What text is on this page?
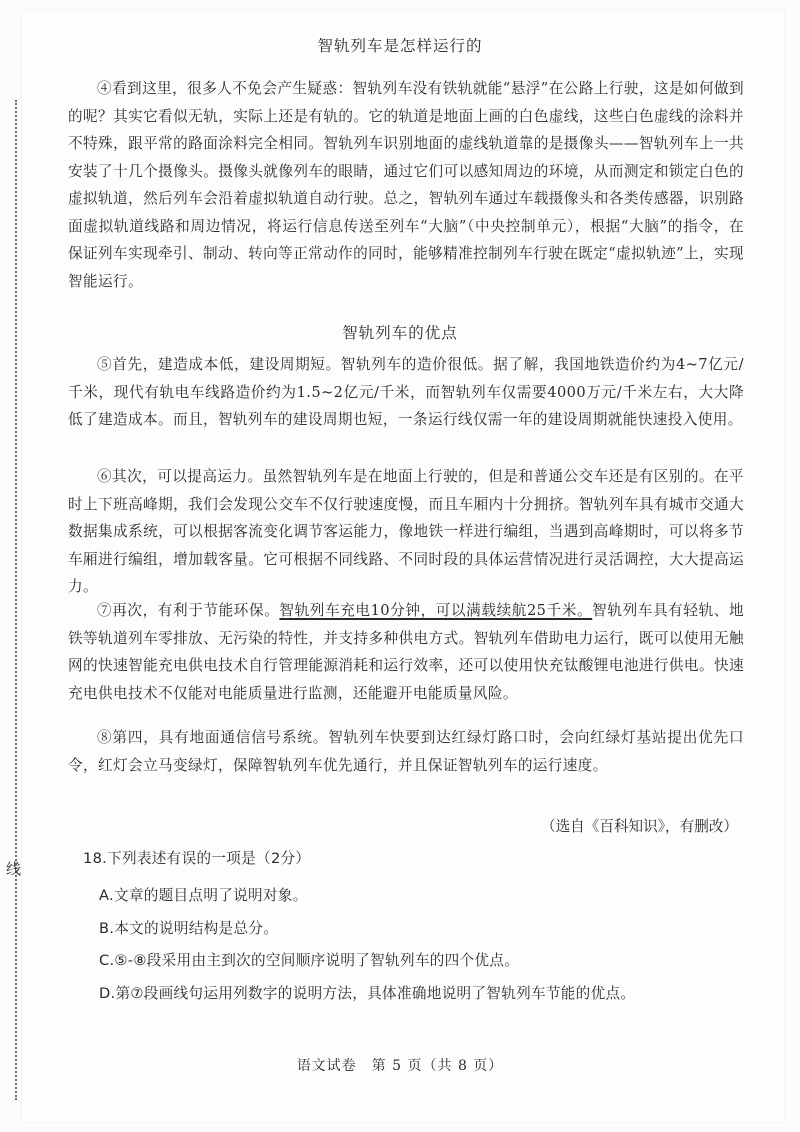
线
智轨列车是怎样运行的
④看到这里，很多人不免会产生疑惑：智轨列车没有铁轨就能“悬浮”在公路上行驶，这是如何做到的呢？其实它看似无轨，实际上还是有轨的。它的轨道是地面上画的白色虚线，这些白色虚线的涂料并不特殊，跟平常的路面涂料完全相同。智轨列车识别地面的虚线轨道靠的是摄像头——智轨列车上一共安装了十几个摄像头。摄像头就像列车的眼睛，通过它们可以感知周边的环境，从而测定和锁定白色的虚拟轨道，然后列车会沿着虚拟轨道自动行驶。总之，智轨列车通过车载摄像头和各类传感器，识别路面虚拟轨道线路和周边情况，将运行信息传送至列车“大脑”（中央控制单元），根据“大脑”的指令，在保证列车实现牵引、制动、转向等正常动作的同时，能够精准控制列车行驶在既定“虚拟轨迹”上，实现智能运行。
智轨列车的优点
⑤首先，建造成本低，建设周期短。智轨列车的造价很低。据了解，我国地铁造价约为4~7亿元/千米，现代有轨电车线路造价约为1.5~2亿元/千米，而智轨列车仅需要4000万元/千米左右，大大降低了建造成本。而且，智轨列车的建设周期也短，一条运行线仅需一年的建设周期就能快速投入使用。
⑥其次，可以提高运力。虽然智轨列车是在地面上行驶的，但是和普通公交车还是有区别的。在平时上下班高峰期，我们会发现公交车不仅行驶速度慢，而且车厢内十分拥挤。智轨列车具有城市交通大数据集成系统，可以根据客流变化调节客运能力，像地铁一样进行编组，当遇到高峰期时，可以将多节车厢进行编组，增加载客量。它可根据不同线路、不同时段的具体运营情况进行灵活调控，大大提高运力。
⑦再次，有利于节能环保。智轨列车充电10分钟，可以满载续航25千米。智轨列车具有轻轨、地铁等轨道列车零排放、无污染的特性，并支持多种供电方式。智轨列车借助电力运行，既可以使用无触网的快速智能充电供电技术自行管理能源消耗和运行效率，还可以使用快充钛酸锂电池进行供电。快速充电供电技术不仅能对电能质量进行监测，还能避开电能质量风险。
⑧第四，具有地面通信信号系统。智轨列车快要到达红绿灯路口时，会向红绿灯基站提出优先口令，红灯会立马变绿灯，保障智轨列车优先通行，并且保证智轨列车的运行速度。
（选自《百科知识》，有删改）
18.下列表述有误的一项是（2分）
A.文章的题目点明了说明对象。
B.本文的说明结构是总分。
C.⑤-⑧段采用由主到次的空间顺序说明了智轨列车的四个优点。
D.第⑦段画线句运用列数字的说明方法，具体准确地说明了智轨列车节能的优点。
语文试卷　第 5 页（共 8 页）
